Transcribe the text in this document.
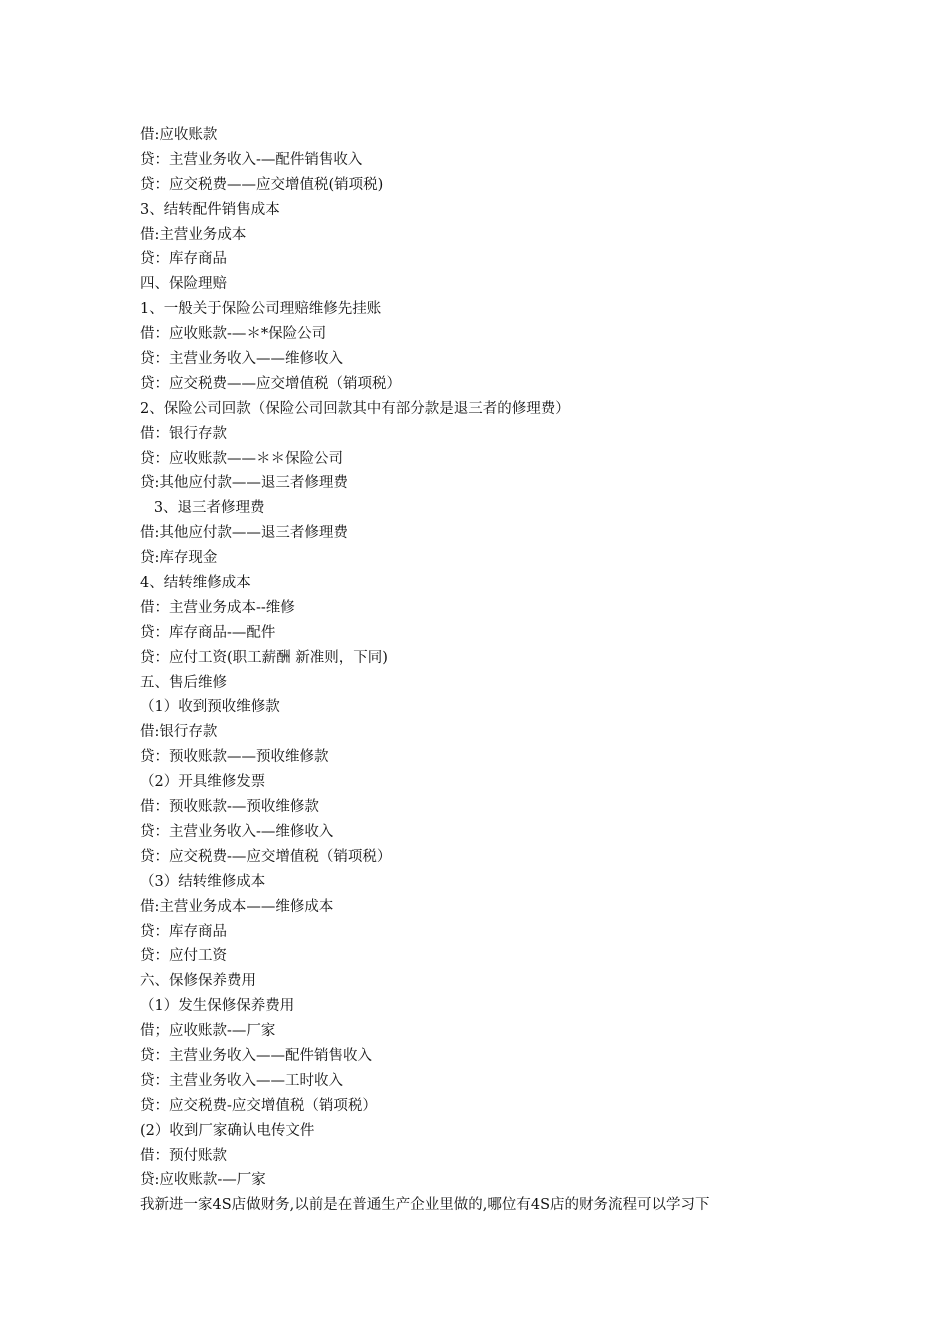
借:应收账款
贷：主营业务收入-—配件销售收入
贷：应交税费——应交增值税(销项税)
3、结转配件销售成本
借:主营业务成本
贷：库存商品
四、保险理赔
1、一般关于保险公司理赔维修先挂账
借：应收账款-—＊*保险公司
贷：主营业务收入——维修收入
贷：应交税费——应交增值税（销项税）
2、保险公司回款（保险公司回款其中有部分款是退三者的修理费）
借：银行存款
贷：应收账款——＊＊保险公司
贷:其他应付款——退三者修理费
3、退三者修理费
借:其他应付款——退三者修理费
贷:库存现金
4、结转维修成本
借：主营业务成本--维修
贷：库存商品-—配件
贷：应付工资(职工薪酬 新准则，下同)
五、售后维修
（1）收到预收维修款
借:银行存款
贷：预收账款——预收维修款
（2）开具维修发票
借：预收账款-—预收维修款
贷：主营业务收入-—维修收入
贷：应交税费-—应交增值税（销项税）
（3）结转维修成本
借:主营业务成本——维修成本
贷：库存商品
贷：应付工资
六、保修保养费用
（1）发生保修保养费用
借；应收账款-—厂家
贷：主营业务收入——配件销售收入
贷：主营业务收入——工时收入
贷：应交税费-应交增值税（销项税）
(2）收到厂家确认电传文件
借：预付账款
贷:应收账款-—厂家
我新进一家4S店做财务,以前是在普通生产企业里做的,哪位有4S店的财务流程可以学习下
